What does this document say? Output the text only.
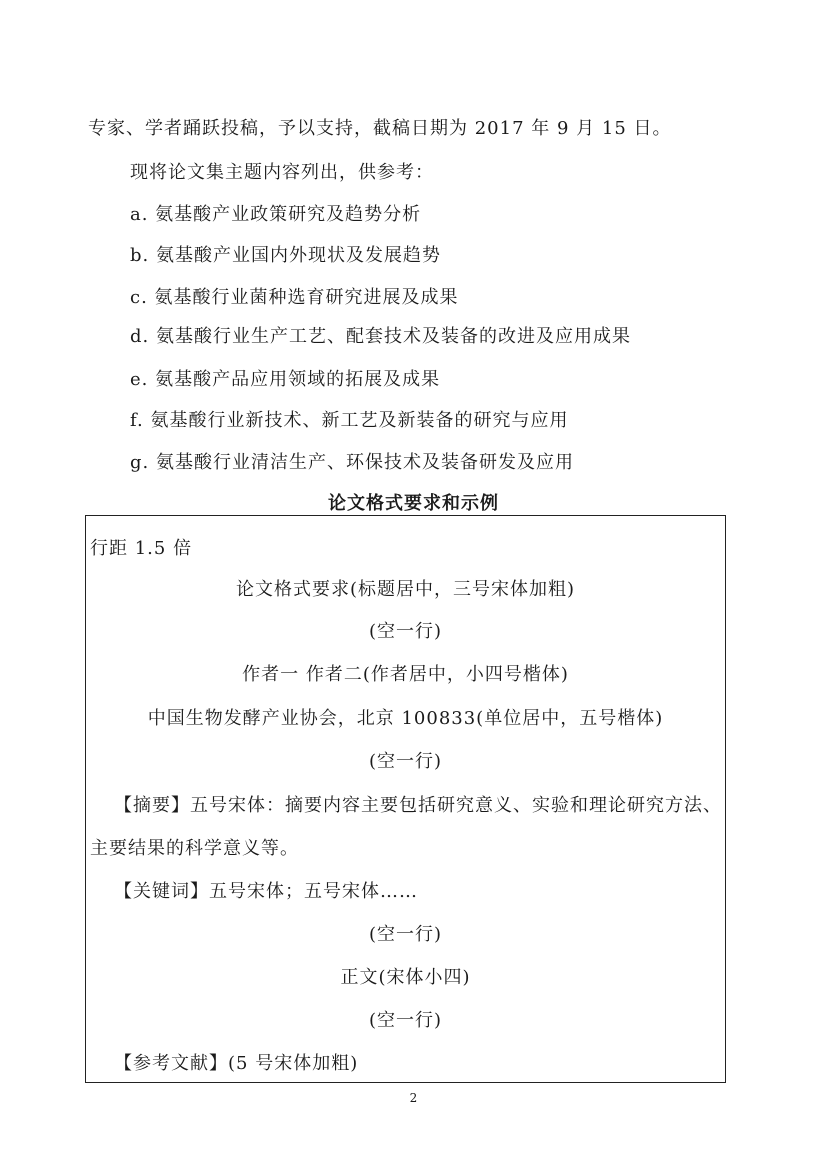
专家、学者踊跃投稿，予以支持，截稿日期为 2017 年 9 月 15 日。
现将论文集主题内容列出，供参考：
a. 氨基酸产业政策研究及趋势分析
b. 氨基酸产业国内外现状及发展趋势
c. 氨基酸行业菌种选育研究进展及成果
d. 氨基酸行业生产工艺、配套技术及装备的改进及应用成果
e. 氨基酸产品应用领域的拓展及成果
f. 氨基酸行业新技术、新工艺及新装备的研究与应用
g. 氨基酸行业清洁生产、环保技术及装备研发及应用
论文格式要求和示例
行距 1.5 倍
论文格式要求(标题居中，三号宋体加粗)
(空一行)
作者一 作者二(作者居中，小四号楷体)
中国生物发酵产业协会，北京 100833(单位居中，五号楷体)
(空一行)
【摘要】五号宋体：摘要内容主要包括研究意义、实验和理论研究方法、
主要结果的科学意义等。
【关键词】五号宋体；五号宋体……
(空一行)
正文(宋体小四)
(空一行)
【参考文献】(5 号宋体加粗)
2
